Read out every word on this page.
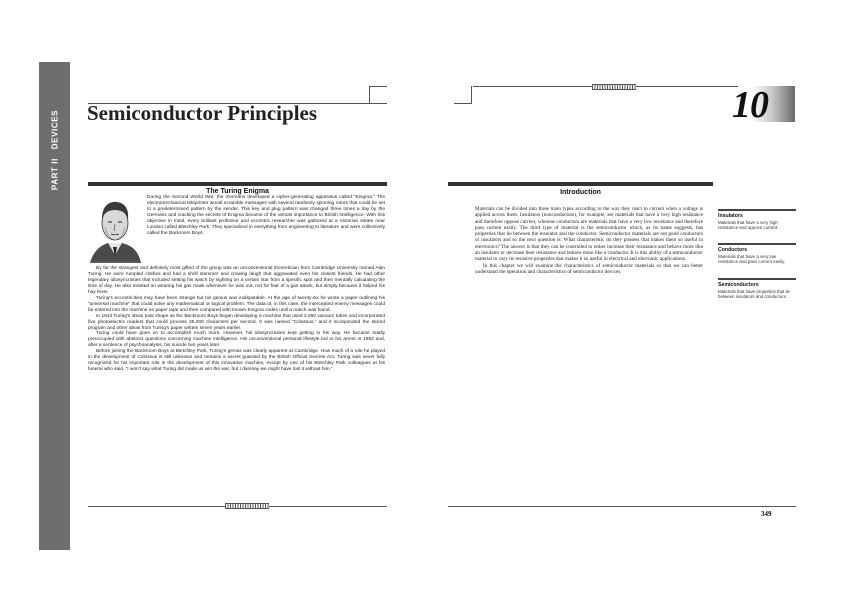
PART II DEVICES Semiconductor Principles
The Turing Enigma

During the Second World War, the Germans developed a cipher-generating apparatus called “Enigma.” The electromechanical teleprinter would scramble messages with several randomly spinning rotors that could be set to a predetermined pattern by the sender. This key and plug pattern was changed three times a day by the Germans and cracking the secrets of Enigma became of the utmost importance to British Intelligence. With this objective in mind, every brilliant professor and eccentric researcher was gathered at a Victorian estate near London called Bletchley Park. They specialized in everything from engineering to literature and were collectively called the Backroom Boys.

By far the strangest and definitely most gifted of the group was an unconventional theoretician from Cambridge University named Alan Turing. He wore rumpled clothes and had a shrill stammer and crowing laugh that aggravated even his closest friends. He had other legendary idiosyncrasies that included setting his watch by sighting on a certain star from a specific spot and then mentally calculating the time of day. He also insisted on wearing his gas mask whenever he was out, not for fear of a gas attack, but simply because it helped his hay fever.

Turing’s eccentricities may have been strange but his genius was indisputable. At the age of twenty-six he wrote a paper outlining his “universal machine” that could solve any mathematical or logical problem. The data or, in this case, the intercepted enemy messages could be entered into the machine on paper tape and then compared with known Enigma codes until a match was found.

In 1943 Turing’s ideas took shape as the Backroom Boys began developing a machine that used 2,000 vacuum tubes and incorporated five photoelectric readers that could process 25,000 characters per second. It was named “Colossus,” and it incorporated the stored program and other ideas from Turing’s paper written seven years earlier.

Turing could have gone on to accomplish much more. However, his idiosyncrasies kept getting in his way. He became totally preoccupied with abstract questions concerning machine intelligence. His unconventional personal lifestyle led to his arrest in 1952 and, after a sentence of psychoanalysis, his suicide two years later.

Before joining the Backroom Boys at Bletchley Park, Turing’s genius was clearly apparent at Cambridge. How much of a role he played in the development of Colossus is still unknown and remains a secret guarded by the British Official Secrets Act. Turing was never fully recognized for his important role in the development of this innovative machine, except by one of his Bletchley Park colleagues at his funeral who said, “I won’t say what Turing did made us win the war, but I daresay we might have lost it without him.”

10
Introduction

Materials can be divided into three main types according to the way they react to current when a voltage is applied across them. Insulators (nonconductors), for example, are materials that have a very high resistance and therefore oppose current, whereas conductors are materials that have a very low resistance and therefore pass current easily. The third type of material is the semiconductor which, as its name suggests, has properties that lie between the insulator and the conductor. Semiconductor materials are not good conductors or insulators and so the next question is: What characteristic do they possess that makes them so useful in electronics? The answer is that they can be controlled to either increase their resistance and behave more like an insulator or decrease their resistance and behave more like a conductor. It is this ability of a semiconductor material to vary its resistive properties that makes it so useful in electrical and electronic applications.

In this chapter we will examine the characteristics of semiconductor materials so that we can better understand the operation and characteristics of semiconductor devices.

Insulators
Materials that have a very high resistance and oppose current.
Conductors
Materials that have a very low resistance and pass current easily.
Semiconductors
Materials that have properties that lie between insulators and conductors.
349
